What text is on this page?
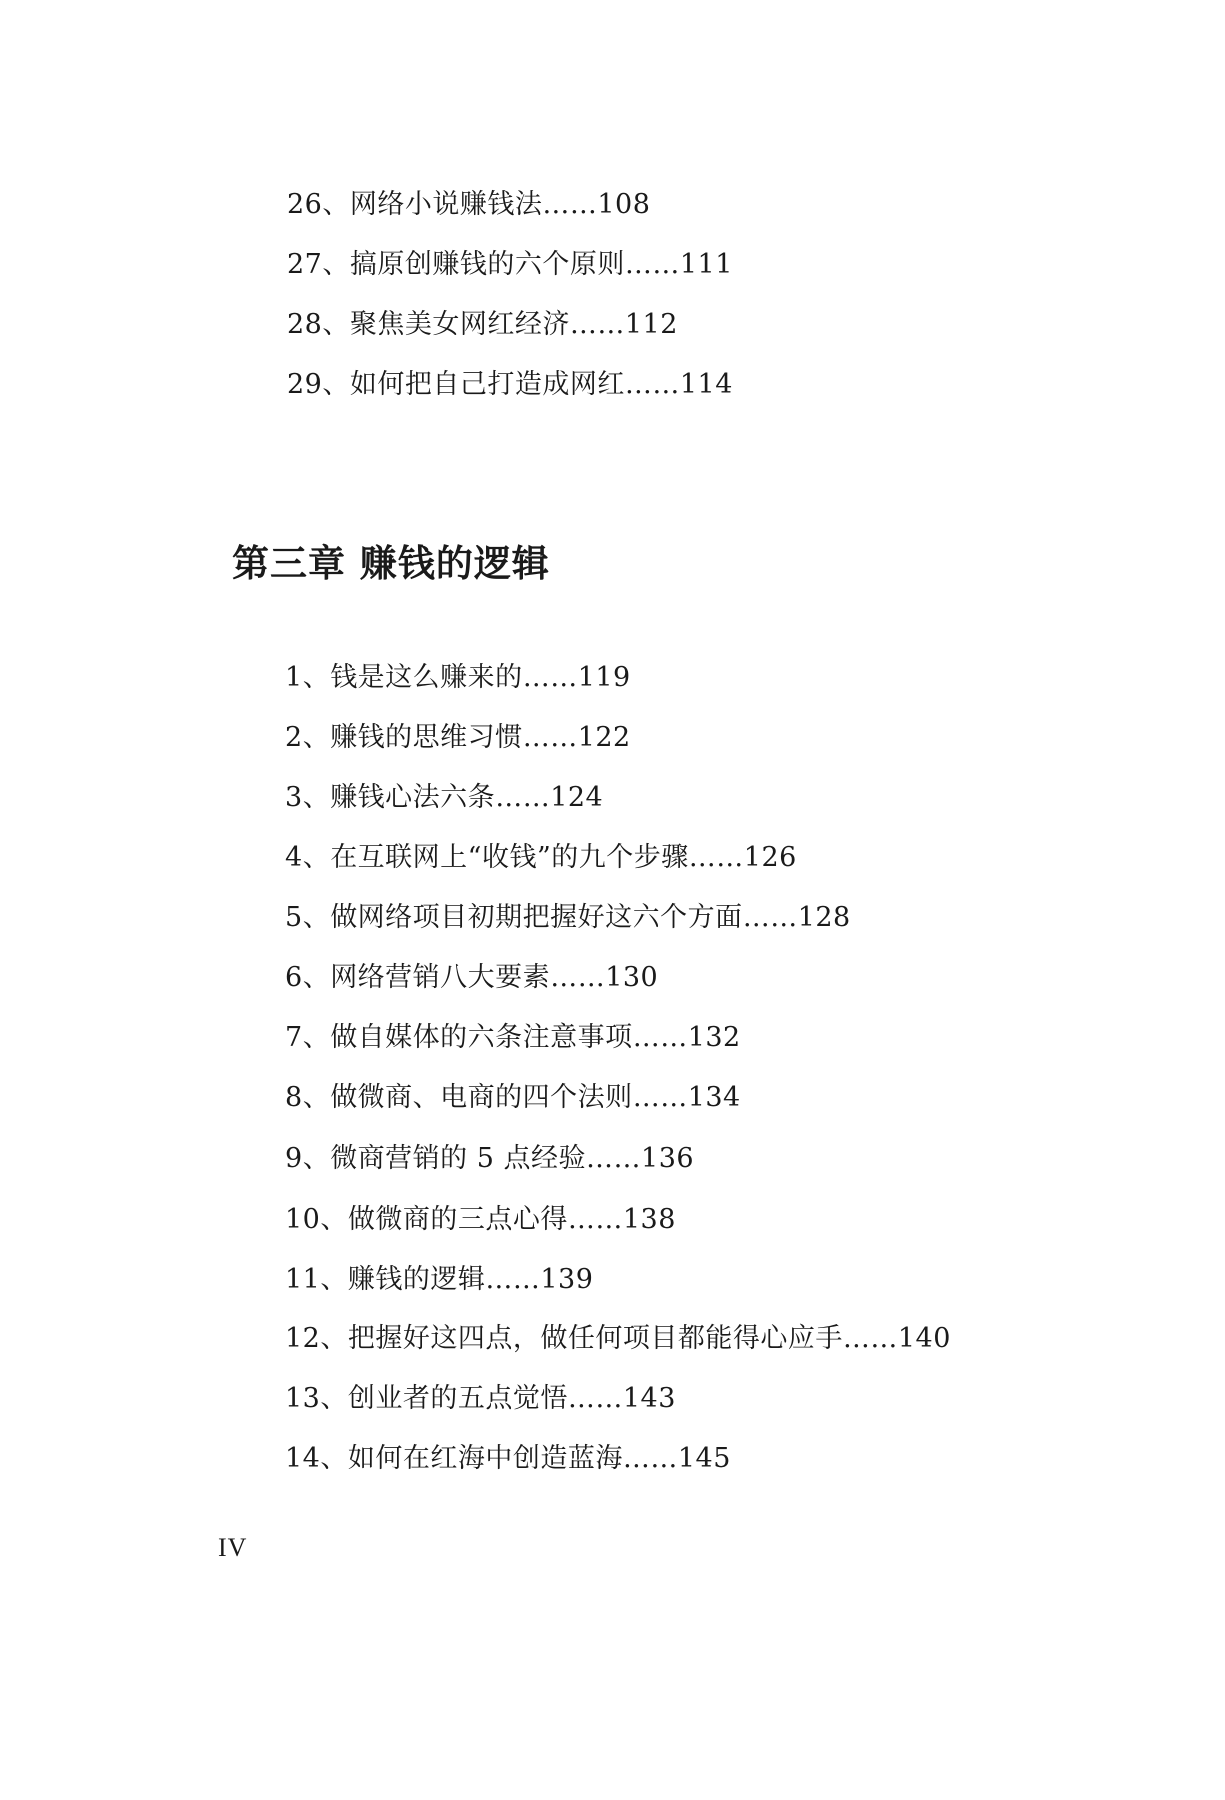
26、网络小说赚钱法……108
27、搞原创赚钱的六个原则……111
28、聚焦美女网红经济……112
29、如何把自己打造成网红……114
第三章 赚钱的逻辑
1、钱是这么赚来的……119
2、赚钱的思维习惯……122
3、赚钱心法六条……124
4、在互联网上“收钱”的九个步骤……126
5、做网络项目初期把握好这六个方面……128
6、网络营销八大要素……130
7、做自媒体的六条注意事项……132
8、做微商、电商的四个法则……134
9、微商营销的 5 点经验……136
10、做微商的三点心得……138
11、赚钱的逻辑……139
12、把握好这四点，做任何项目都能得心应手……140
13、创业者的五点觉悟……143
14、如何在红海中创造蓝海……145
IV
